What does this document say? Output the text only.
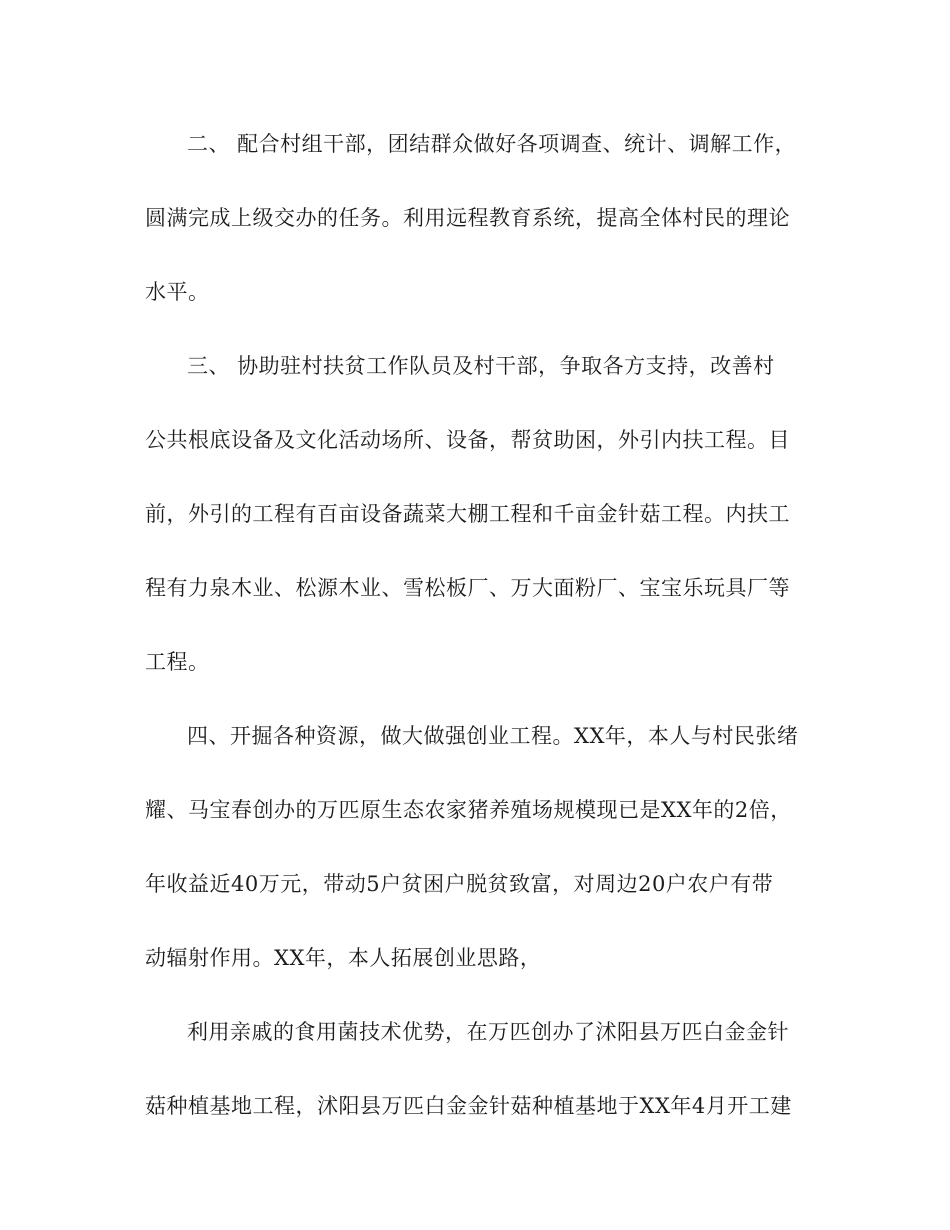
二、 配合村组干部，团结群众做好各项调查、统计、调解工作，
圆满完成上级交办的任务。利用远程教育系统，提高全体村民的理论
水平。
三、 协助驻村扶贫工作队员及村干部，争取各方支持，改善村
公共根底设备及文化活动场所、设备，帮贫助困，外引内扶工程。目
前，外引的工程有百亩设备蔬菜大棚工程和千亩金针菇工程。内扶工
程有力泉木业、松源木业、雪松板厂、万大面粉厂、宝宝乐玩具厂等
工程。
四、开掘各种资源，做大做强创业工程。XX年，本人与村民张绪
耀、马宝春创办的万匹原生态农家猪养殖场规模现已是XX年的2倍，
年收益近40万元，带动5户贫困户脱贫致富，对周边20户农户有带
动辐射作用。XX年，本人拓展创业思路，
利用亲戚的食用菌技术优势，在万匹创办了沭阳县万匹白金金针
菇种植基地工程，沭阳县万匹白金金针菇种植基地于XX年4月开工建
